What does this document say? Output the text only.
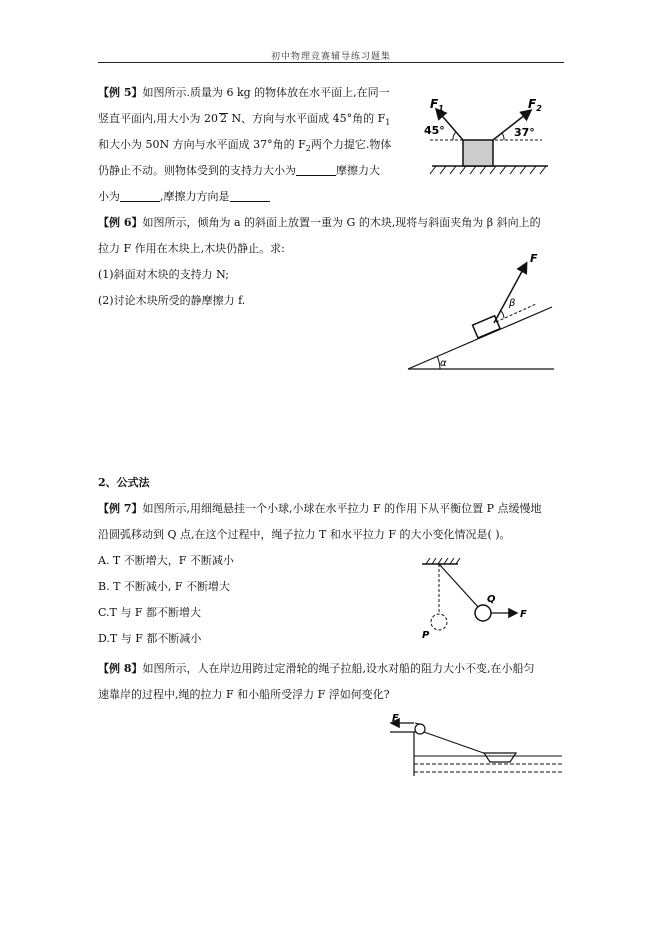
初中物理竞赛辅导练习题集
【例 5】如图所示.质量为 6 kg 的物体放在水平面上,在同一
竖直平面内,用大小为 20 2 N、方向与水平面成 45°角的 $F_1$
和大小为 50N 方向与水平面成 37°角的 $F_2$两个力提它.物体
仍静止不动。则物体受到的支持力大小为	摩擦力大
小为	,摩擦力方向是
$F_1$	$F_2$
45°	37°
【例 6】如图所示，倾角为 a 的斜面上放置一重为 G 的木块,现将与斜面夹角为 β 斜向上的
拉力 F 作用在木块上,木块仍静止。求:
(1)斜面对木块的支持力 N;
(2)讨论木块所受的静摩擦力 f.
α
β
F
2、公式法
【例 7】如图所示,用细绳悬挂一个小球,小球在水平拉力 F 的作用下从平衡位置 P 点缓慢地
沿圆弧移动到 Q 点,在这个过程中，绳子拉力 T 和水平拉力 F 的大小变化情况是( )。
A. T 不断增大，F 不断减小
B. T 不断减小, F 不断增大
C.T 与 F 都不断增大
D.T 与 F 都不断减小	P
Q
F
【例 8】如图所示，人在岸边用跨过定滑轮的绳子拉船,设水对船的阻力大小不变,在小船匀
速靠岸的过程中,绳的拉力 F 和小船所受浮力 F 浮如何变化?
F
